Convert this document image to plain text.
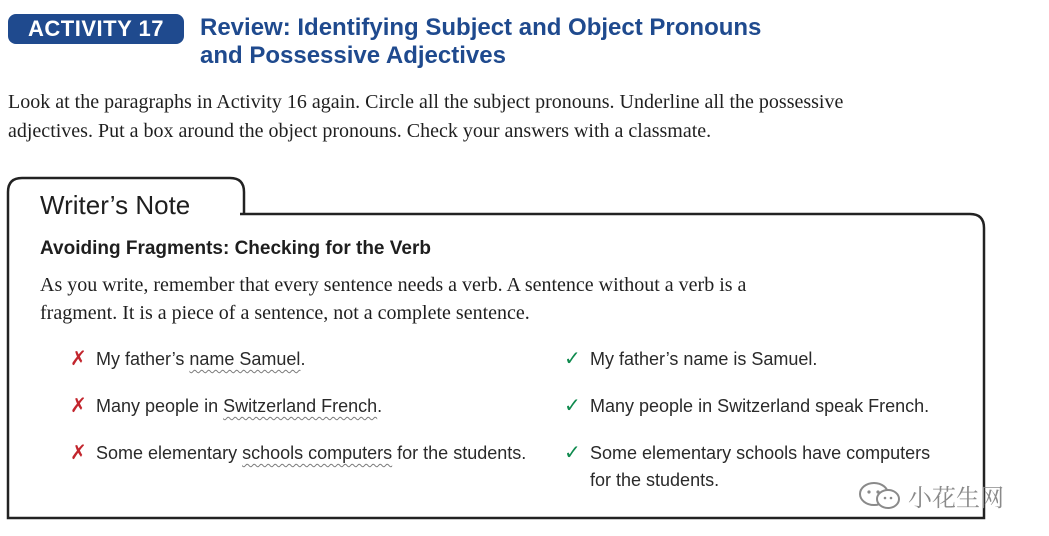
ACTIVITY 17	Review: Identifying Subject and Object Pronouns
and Possessive Adjectives

Look at the paragraphs in Activity 16 again. Circle all the subject pronouns. Underline all the possessive
adjectives. Put a box around the object pronouns. Check your answers with a classmate.

Writer’s Note
Avoiding Fragments: Checking for the Verb

As you write, remember that every sentence needs a verb. A sentence without a verb is a
fragment. It is a piece of a sentence, not a complete sentence.

✗ My father’s name Samuel.	✓ My father’s name is Samuel.
✗ Many people in Switzerland French.	✓ Many people in Switzerland speak French.
✗ Some elementary schools computers for the students. ✓ Some elementary schools have computers
for the students.
小花生网
